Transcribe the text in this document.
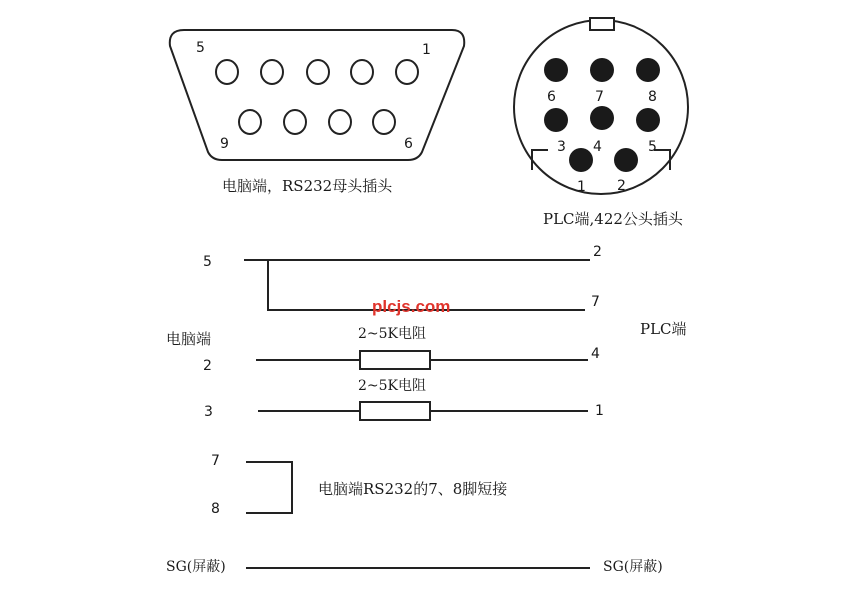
5	1
9	6
电脑端，RS232母头插头
6	7	8
3 4	5
1 2
PLC端,422公头插头
5
2
7
plcjs.com
电脑端
PLC端
2~5K电阻
2
4
2~5K电阻
3	1
7
8
电脑端RS232的7、8脚短接
SG(屏蔽)	SG(屏蔽)
